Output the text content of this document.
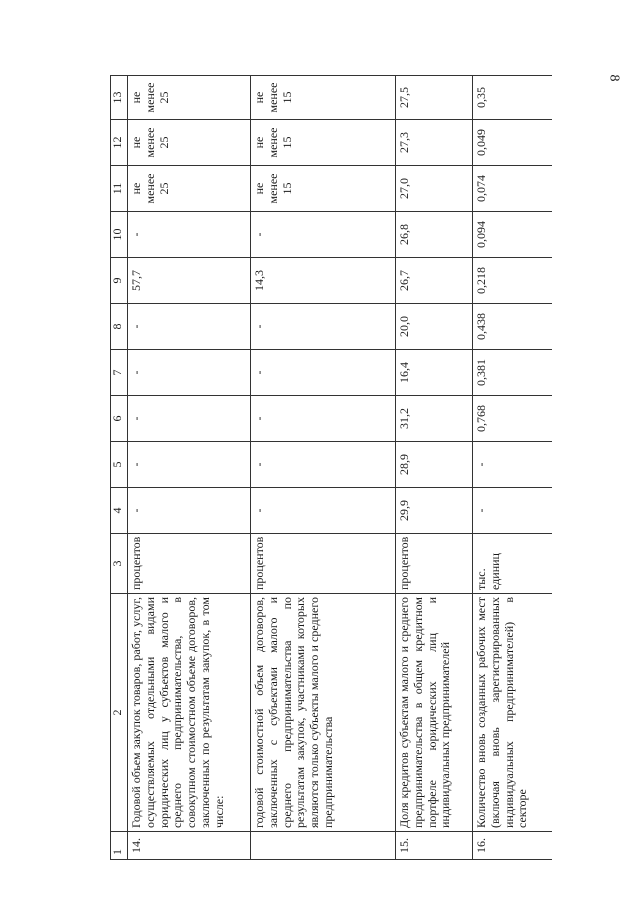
8
1	2	3	4	5	6	7	8	9	10	11	12	13
14.	Годовой объем закупок товаров, работ, услуг, осуществляемых отдельными видами юридических лиц у субъектов малого и среднего предпринимательства, в совокупном стоимостном объеме договоров, заключенных по результатам закупок, в том числе:	процентов	-	-	-	-	-	57,7	-	не менее 25	не менее 25	не менее 25
	годовой стоимостной объем договоров, заключенных с субъектами малого и среднего предпринимательства по результатам закупок, участниками которых являются только субъекты малого и среднего предпринимательства	процентов	-	-	-	-	-	14,3	-	не менее 15	не менее 15	не менее 15
15.	Доля кредитов субъектам малого и среднего предпринимательства в общем кредитном портфеле юридических лиц и индивидуальных предпринимателей	процентов	29,9	28,9	31,2	16,4	20,0	26,7	26,8	27,0	27,3	27,5
16.	Количество вновь созданных рабочих мест (включая вновь зарегистрированных индивидуальных предпринимателей) в секторе	тыс. единиц	-	-	0,768	0,381	0,438	0,218	0,094	0,074	0,049	0,35
